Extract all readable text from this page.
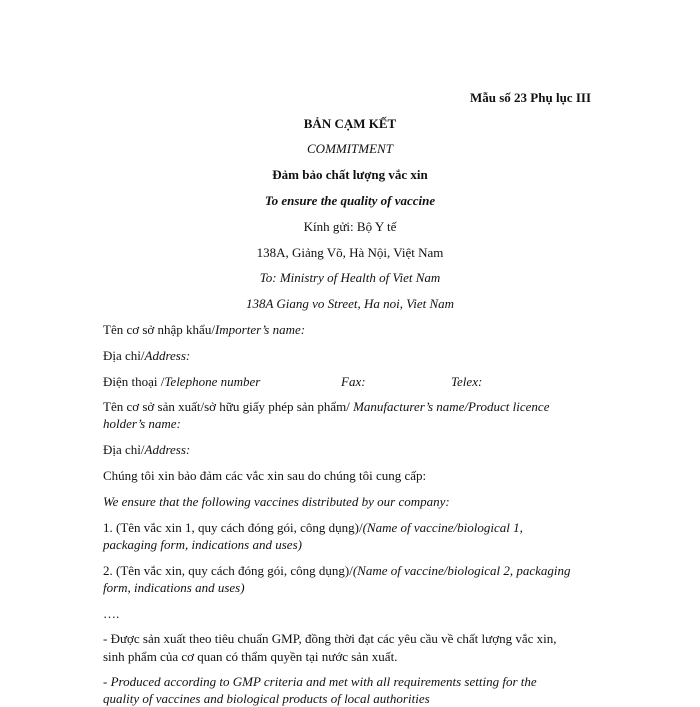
Mẫu số 23 Phụ lục III
BẢN CẠM KẾT
COMMITMENT
Đảm bảo chất lượng vắc xin
To ensure the quality of vaccine
Kính gửi: Bộ Y tế
138A, Giảng Võ, Hà Nội, Việt Nam
To: Ministry of Health of Viet Nam
138A Giang vo Street, Ha noi, Viet Nam
Tên cơ sở nhập khẩu/Importer’s name:
Địa chỉ/Address:
Điện thoại /Telephone number	Fax:	Telex:
Tên cơ sở sản xuất/sở hữu giấy phép sản phẩm/ Manufacturer’s name/Product licence
holder’s name:
Địa chỉ/Address:
Chúng tôi xin bảo đảm các vắc xin sau do chúng tôi cung cấp:
We ensure that the following vaccines distributed by our company:
1. (Tên vắc xin 1, quy cách đóng gói, công dụng)/(Name of vaccine/biological 1,
packaging form, indications and uses)
2. (Tên vắc xin, quy cách đóng gói, công dụng)/(Name of vaccine/biological 2, packaging
form, indications and uses)
….
- Được sản xuất theo tiêu chuẩn GMP, đồng thời đạt các yêu cầu về chất lượng vắc xin,
sinh phẩm của cơ quan có thẩm quyền tại nước sản xuất.
- Produced according to GMP criteria and met with all requirements setting for the
quality of vaccines and biological products of local authorities
